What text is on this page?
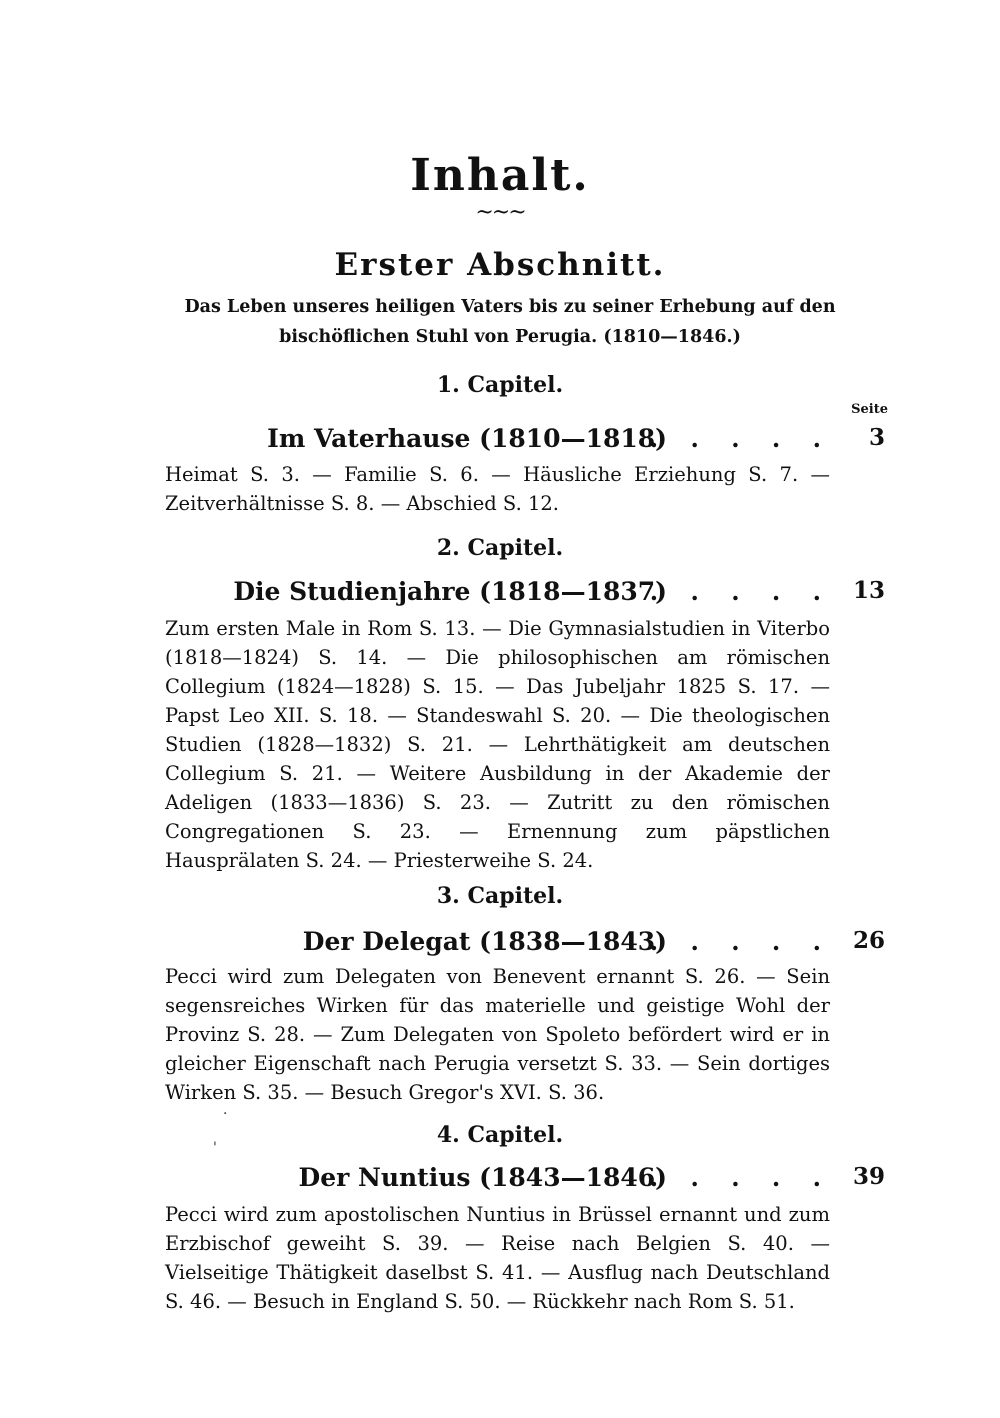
Inhalt.
~~~
Erster Abschnitt.
Das Leben unseres heiligen Vaters bis zu seiner Erhebung auf den bischöflichen Stuhl von Perugia. (1810—1846.)
1. Capitel.
Seite
Im Vaterhause (1810—1818)
. . . . . 3
Heimat S. 3. — Familie S. 6. — Häusliche Erziehung S. 7. — Zeitverhältnisse S. 8. — Abschied S. 12.
2. Capitel.
Die Studienjahre (1818—1837)
. . . . . 13
Zum ersten Male in Rom S. 13. — Die Gymnasialstudien in Viterbo (1818—1824) S. 14. — Die philosophischen am römischen Collegium (1824—1828) S. 15. — Das Jubeljahr 1825 S. 17. — Papst Leo XII. S. 18. — Standeswahl S. 20. — Die theologischen Studien (1828—1832) S. 21. — Lehrthätigkeit am deutschen Collegium S. 21. — Weitere Ausbildung in der Akademie der Adeligen (1833—1836) S. 23. — Zutritt zu den römischen Congregationen S. 23. — Ernennung zum päpstlichen Hausprälaten S. 24. — Priesterweihe S. 24.
3. Capitel.
Der Delegat (1838—1843)
. . . . . 26
Pecci wird zum Delegaten von Benevent ernannt S. 26. — Sein segensreiches Wirken für das materielle und geistige Wohl der Provinz S. 28. — Zum Delegaten von Spoleto befördert wird er in gleicher Eigenschaft nach Perugia versetzt S. 33. — Sein dortiges Wirken S. 35. — Besuch Gregor's XVI. S. 36.
·
'	4. Capitel.
Der Nuntius (1843—1846)
. . . . . 39
Pecci wird zum apostolischen Nuntius in Brüssel ernannt und zum Erzbischof geweiht S. 39. — Reise nach Belgien S. 40. — Vielseitige Thätigkeit daselbst S. 41. — Ausflug nach Deutschland S. 46. — Besuch in England S. 50. — Rückkehr nach Rom S. 51.
